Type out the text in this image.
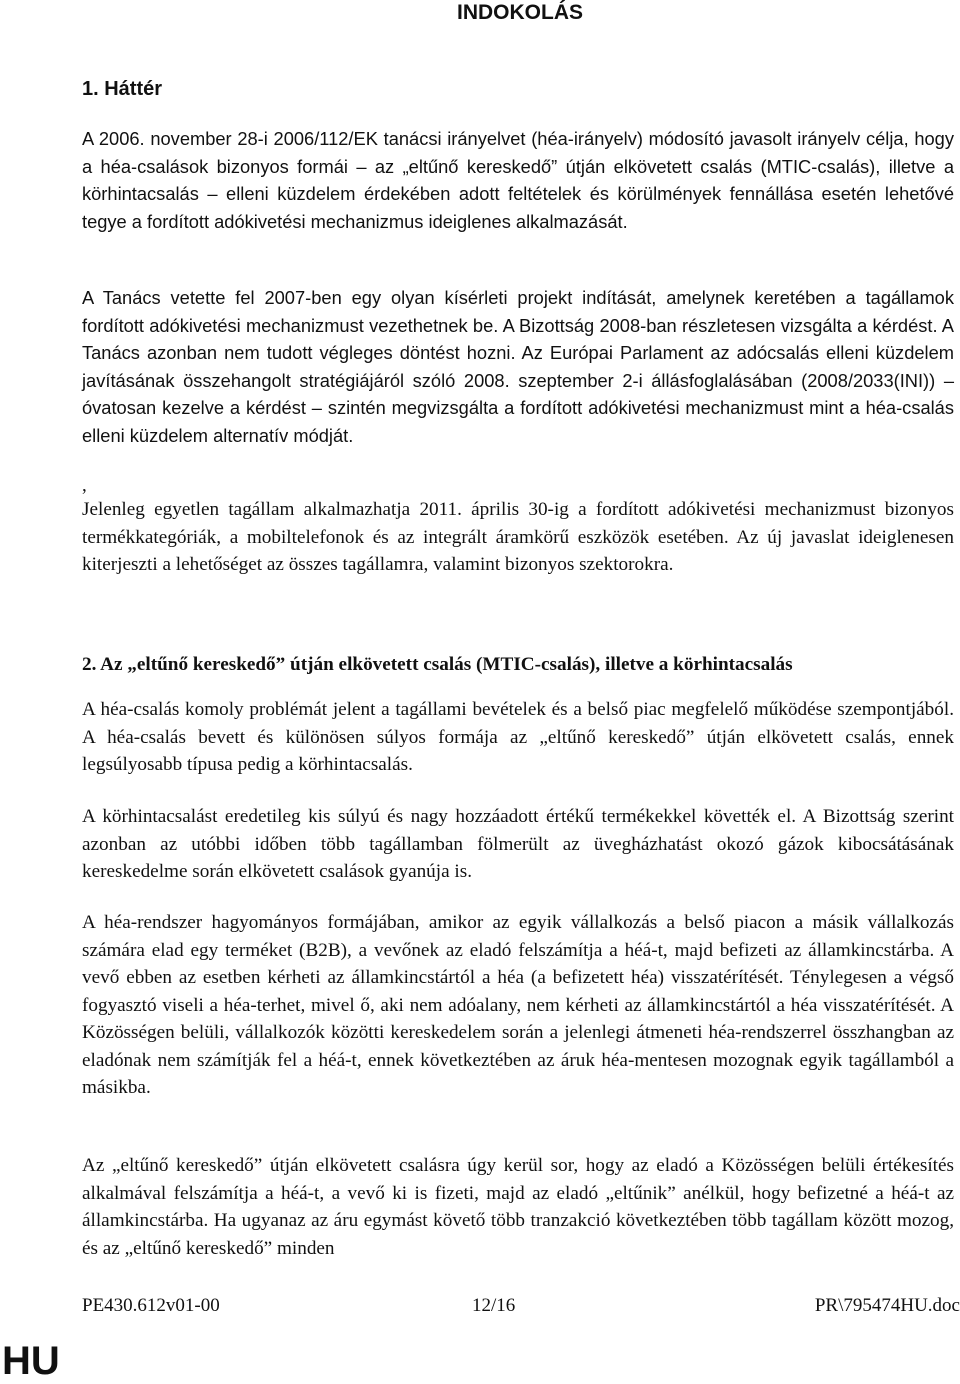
INDOKOLÁS
1. Háttér

A 2006. november 28-i 2006/112/EK tanácsi irányelvet (héa-irányelv) módosító javasolt irányelv célja, hogy a héa-csalások bizonyos formái – az „eltűnő kereskedő” útján elkövetett csalás (MTIC-csalás), illetve a körhintacsalás – elleni küzdelem érdekében adott feltételek és körülmények fennállása esetén lehetővé tegye a fordított adókivetési mechanizmus ideiglenes alkalmazását.

A Tanács vetette fel 2007-ben egy olyan kísérleti projekt indítását, amelynek keretében a tagállamok fordított adókivetési mechanizmust vezethetnek be. A Bizottság 2008-ban részletesen vizsgálta a kérdést. A Tanács azonban nem tudott végleges döntést hozni. Az Európai Parlament az adócsalás elleni küzdelem javításának összehangolt stratégiájáról szóló 2008. szeptember 2-i állásfoglalásában (2008/2033(INI)) – óvatosan kezelve a kérdést – szintén megvizsgálta a fordított adókivetési mechanizmust mint a héa-csalás elleni küzdelem alternatív módját.

,

Jelenleg egyetlen tagállam alkalmazhatja 2011. április 30-ig a fordított adókivetési mechanizmust bizonyos termékkategóriák, a mobiltelefonok és az integrált áramkörű eszközök esetében. Az új javaslat ideiglenesen kiterjeszti a lehetőséget az összes tagállamra, valamint bizonyos szektorokra.

2. Az „eltűnő kereskedő” útján elkövetett csalás (MTIC-csalás), illetve a körhintacsalás

A héa-csalás komoly problémát jelent a tagállami bevételek és a belső piac megfelelő működése szempontjából. A héa-csalás bevett és különösen súlyos formája az „eltűnő kereskedő” útján elkövetett csalás, ennek legsúlyosabb típusa pedig a körhintacsalás.

A körhintacsalást eredetileg kis súlyú és nagy hozzáadott értékű termékekkel követték el. A Bizottság szerint azonban az utóbbi időben több tagállamban fölmerült az üvegházhatást okozó gázok kibocsátásának kereskedelme során elkövetett csalások gyanúja is.

A héa-rendszer hagyományos formájában, amikor az egyik vállalkozás a belső piacon a másik vállalkozás számára elad egy terméket (B2B), a vevőnek az eladó felszámítja a héá-t, majd befizeti az államkincstárba. A vevő ebben az esetben kérheti az államkincstártól a héa (a befizetett héa) visszatérítését. Ténylegesen a végső fogyasztó viseli a héa-terhet, mivel ő, aki nem adóalany, nem kérheti az államkincstártól a héa visszatérítését. A Közösségen belüli, vállalkozók közötti kereskedelem során a jelenlegi átmeneti héa-rendszerrel összhangban az eladónak nem számítják fel a héá-t, ennek következtében az áruk héa-mentesen mozognak egyik tagállamból a másikba.

Az „eltűnő kereskedő” útján elkövetett csalásra úgy kerül sor, hogy az eladó a Közösségen belüli értékesítés alkalmával felszámítja a héá-t, a vevő ki is fizeti, majd az eladó „eltűnik” anélkül, hogy befizetné a héá-t az államkincstárba. Ha ugyanaz az áru egymást követő több tranzakció következtében több tagállam között mozog, és az „eltűnő kereskedő” minden

PE430.612v01-00	12/16	PR\795474HU.doc
HU
